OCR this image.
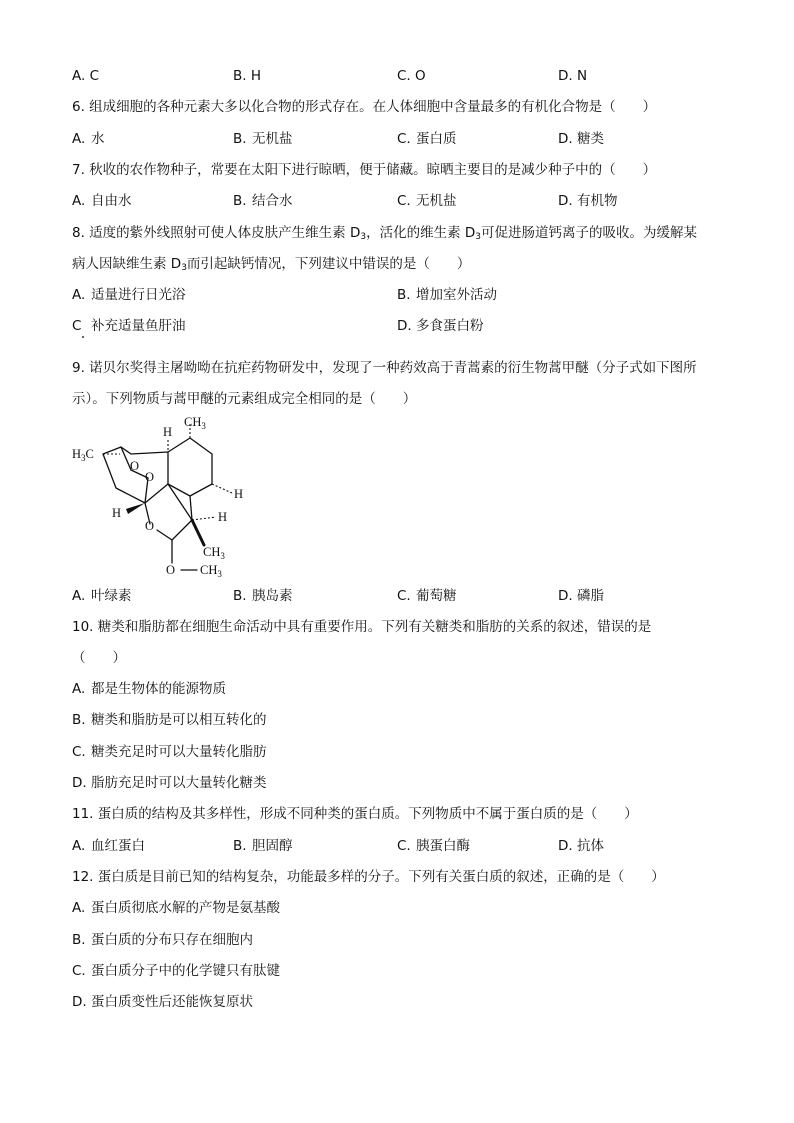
A. C	B. H	C. O	D. N
6. 组成细胞的各种元素大多以化合物的形式存在。在人体细胞中含量最多的有机化合物是（　　）
A. 水	B. 无机盐	C. 蛋白质	D. 糖类
7. 秋收的农作物种子，常要在太阳下进行晾晒，便于储藏。晾晒主要目的是减少种子中的（　　）
A. 自由水	B. 结合水	C. 无机盐	D. 有机物
8. 适度的紫外线照射可使人体皮肤产生维生素 $D_3$，活化的维生素 $D_3$可促进肠道钙离子的吸收。为缓解某
病人因缺维生素 $D_3$而引起缺钙情况，下列建议中错误的是（　　）
A. 适量进行日光浴	B. 增加室外活动
C 补充适量鱼肝油	D. 多食蛋白粉
9. 诺贝尔奖得主屠呦呦在抗疟药物研发中，发现了一种药效高于青蒿素的衍生物蒿甲醚（分子式如下图所
示）。下列物质与蒿甲醚的元素组成完全相同的是（　　）
H
$CH_3$
$H_3C$
O
O
H
H
O
H
$CH_3$
O $CH_3$
A. 叶绿素	B. 胰岛素	C. 葡萄糖	D. 磷脂
10. 糖类和脂肪都在细胞生命活动中具有重要作用。下列有关糖类和脂肪的关系的叙述，错误的是
（　　）
A. 都是生物体的能源物质
B. 糖类和脂肪是可以相互转化的
C. 糖类充足时可以大量转化脂肪
D. 脂肪充足时可以大量转化糖类
11. 蛋白质的结构及其多样性，形成不同种类的蛋白质。下列物质中不属于蛋白质的是（　　）
A. 血红蛋白	B. 胆固醇	C. 胰蛋白酶	D. 抗体
12. 蛋白质是目前已知的结构复杂，功能最多样的分子。下列有关蛋白质的叙述，正确的是（　　）
A. 蛋白质彻底水解的产物是氨基酸
B. 蛋白质的分布只存在细胞内
C. 蛋白质分子中的化学键只有肽键
D. 蛋白质变性后还能恢复原状
